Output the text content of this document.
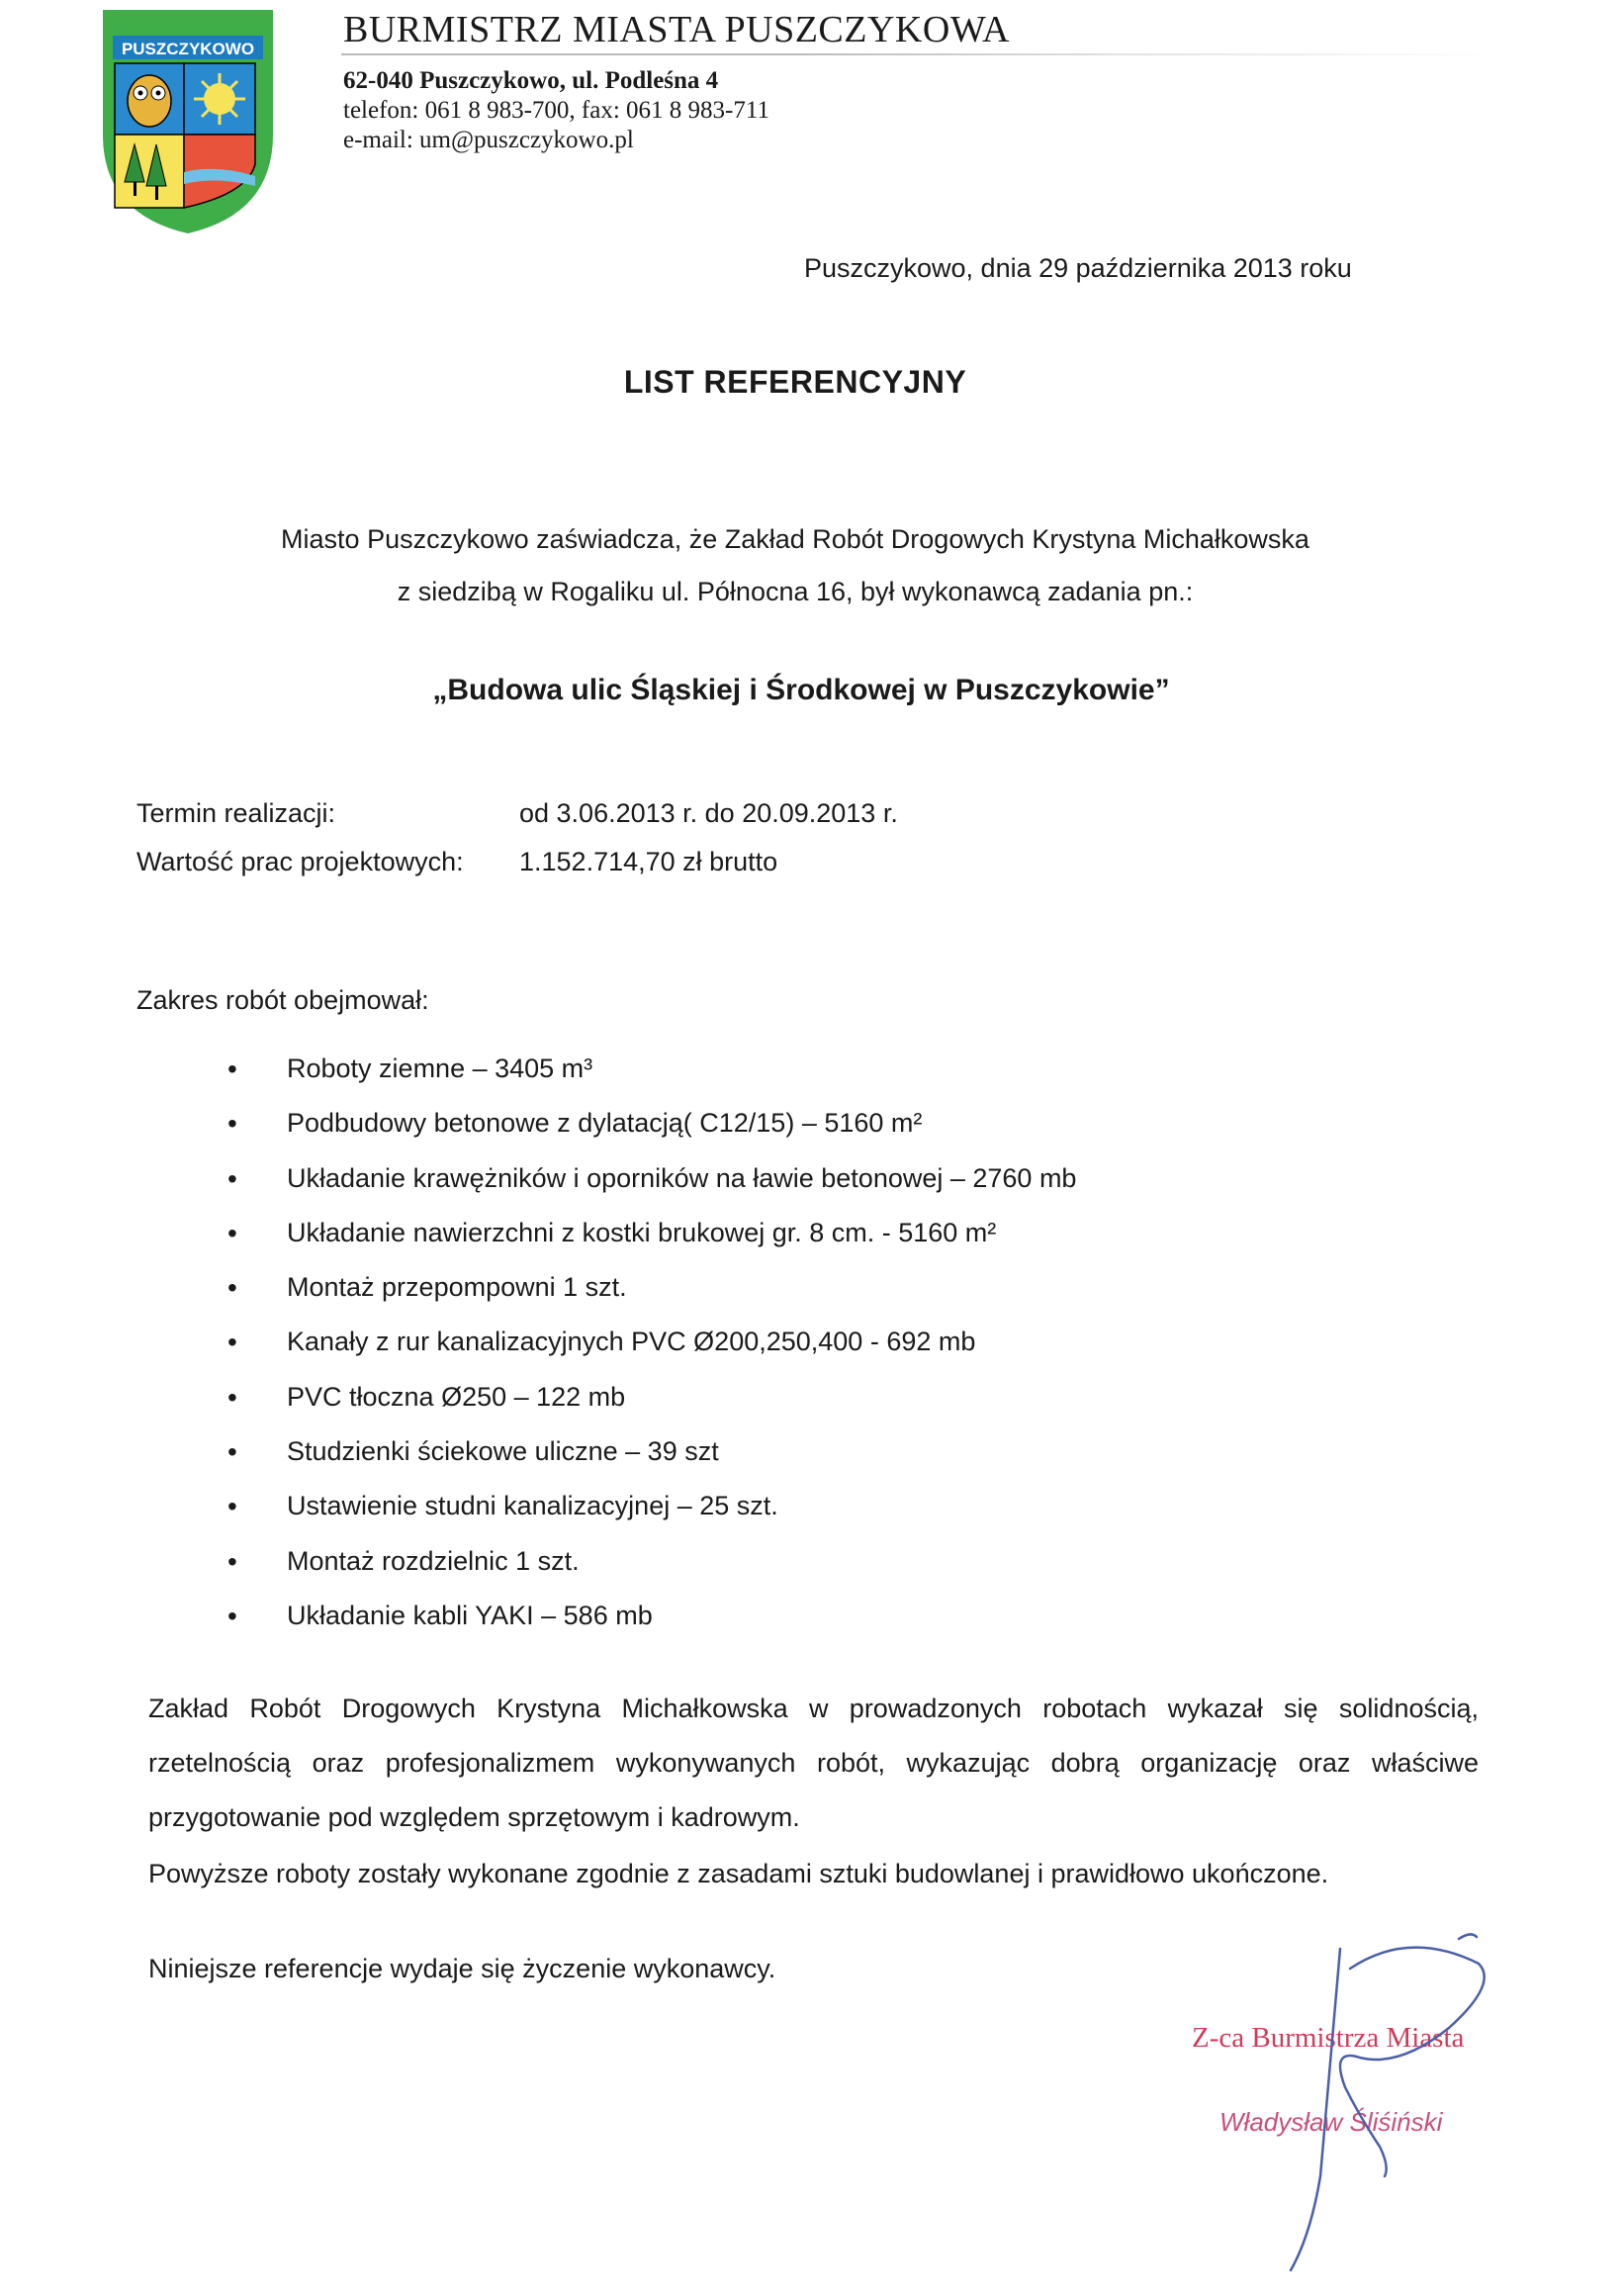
PUSZCZYKOWO BURMISTRZ MIASTA PUSZCZYKOWA
62-040 Puszczykowo, ul. Podleśna 4
telefon: 061 8 983-700, fax: 061 8 983-711
e-mail: um@puszczykowo.pl
Puszczykowo, dnia 29 października 2013 roku
LIST REFERENCYJNY
Miasto Puszczykowo zaświadcza, że Zakład Robót Drogowych Krystyna Michałkowska
z siedzibą w Rogaliku ul. Północna 16, był wykonawcą zadania pn.:
„Budowa ulic Śląskiej i Środkowej w Puszczykowie”
Termin realizacji:	od 3.06.2013 r. do 20.09.2013 r.
Wartość prac projektowych: 1.152.714,70 zł brutto
Zakres robót obejmował:
• Roboty ziemne – 3405 m³
• Podbudowy betonowe z dylatacją( C12/15) – 5160 m²
• Układanie krawężników i oporników na ławie betonowej – 2760 mb
• Układanie nawierzchni z kostki brukowej gr. 8 cm. - 5160 m²
• Montaż przepompowni 1 szt.
• Kanały z rur kanalizacyjnych PVC Ø200,250,400 - 692 mb
• PVC tłoczna Ø250 – 122 mb
• Studzienki ściekowe uliczne – 39 szt
• Ustawienie studni kanalizacyjnej – 25 szt.
• Montaż rozdzielnic 1 szt.
• Układanie kabli YAKI – 586 mb
Zakład Robót Drogowych Krystyna Michałkowska w prowadzonych robotach wykazał się solidnością, rzetelnością oraz profesjonalizmem wykonywanych robót, wykazując dobrą organizację oraz właściwe przygotowanie pod względem sprzętowym i kadrowym.
Powyższe roboty zostały wykonane zgodnie z zasadami sztuki budowlanej i prawidłowo ukończone.
Niniejsze referencje wydaje się życzenie wykonawcy.
Z-ca Burmistrza Miasta
Władysław Śliśiński
